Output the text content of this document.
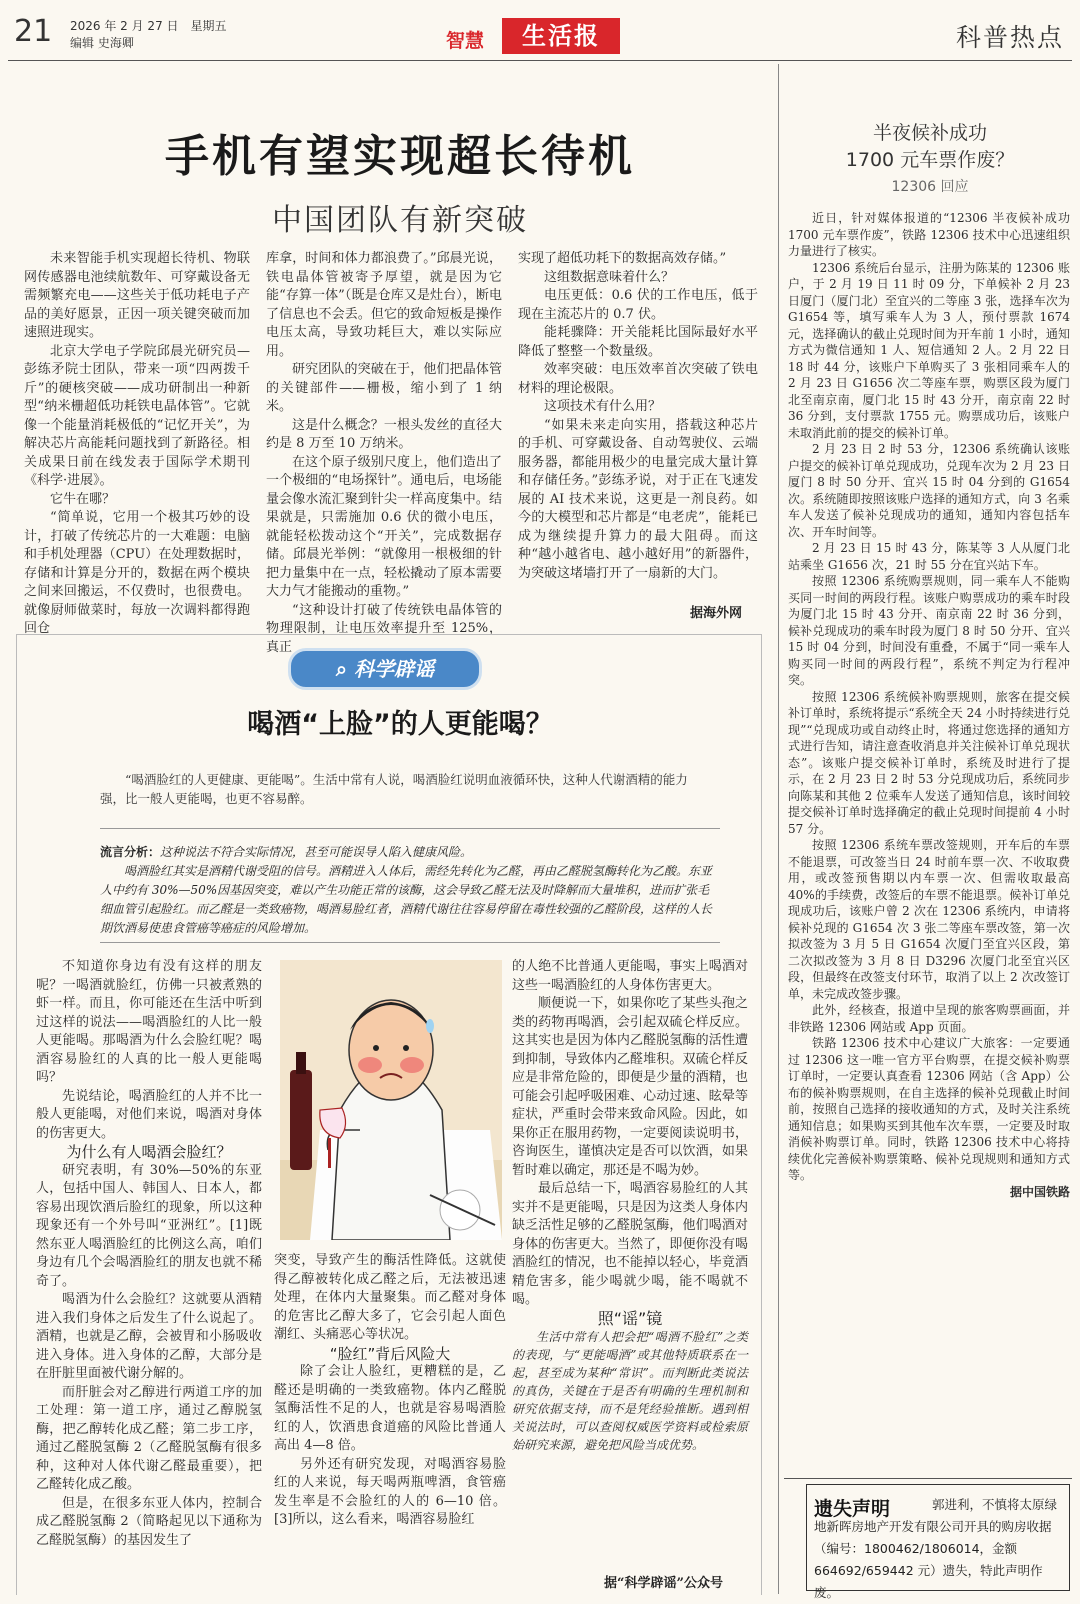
21 2026 年 2 月 27 日　星期五
编辑 史海卿	智慧	生活报	科普热点
手机有望实现超长待机
中国团队有新突破

未来智能手机实现超长待机、物联网传感器电池续航数年、可穿戴设备无需频繁充电——这些关于低功耗电子产品的美好愿景，正因一项关键突破而加速照进现实。

北京大学电子学院邱晨光研究员—彭练矛院士团队，带来一项“四两拨千斤”的硬核突破——成功研制出一种新型“纳米栅超低功耗铁电晶体管”。它就像一个能量消耗极低的“记忆开关”，为解决芯片高能耗问题找到了新路径。相关成果日前在线发表于国际学术期刊《科学·进展》。

它牛在哪？

“简单说，它用一个极其巧妙的设计，打破了传统芯片的一大难题：电脑和手机处理器（CPU）在处理数据时，存储和计算是分开的，数据在两个模块之间来回搬运，不仅费时，也很费电。就像厨师做菜时，每放一次调料都得跑回仓

库拿，时间和体力都浪费了。”邱晨光说，铁电晶体管被寄予厚望，就是因为它能“存算一体”（既是仓库又是灶台），断电了信息也不会丢。但它的致命短板是操作电压太高，导致功耗巨大，难以实际应用。

研究团队的突破在于，他们把晶体管的关键部件——栅极，缩小到了 1 纳米。

这是什么概念？一根头发丝的直径大约是 8 万至 10 万纳米。

在这个原子级别尺度上，他们造出了一个极细的“电场探针”。通电后，电场能量会像水流汇聚到针尖一样高度集中。结果就是，只需施加 0.6 伏的微小电压，就能轻松拨动这个“开关”，完成数据存储。邱晨光举例：“就像用一根极细的针把力量集中在一点，轻松撬动了原本需要大力气才能搬动的重物。”

“这种设计打破了传统铁电晶体管的物理限制，让电压效率提升至 125%，真正

实现了超低功耗下的数据高效存储。”

这组数据意味着什么？

电压更低：0.6 伏的工作电压，低于现在主流芯片的 0.7 伏。

能耗骤降：开关能耗比国际最好水平降低了整整一个数量级。

效率突破：电压效率首次突破了铁电材料的理论极限。

这项技术有什么用？

“如果未来走向实用，搭载这种芯片的手机、可穿戴设备、自动驾驶仪、云端服务器，都能用极少的电量完成大量计算和存储任务。”彭练矛说，对于正在飞速发展的 AI 技术来说，这更是一剂良药。如今的大模型和芯片都是“电老虎”，能耗已成为继续提升算力的最大阻碍。而这种“越小越省电、越小越好用”的新器件，为突破这堵墙打开了一扇新的大门。

据海外网
⌕ 科学辟谣
喝酒“上脸”的人更能喝？
“喝酒脸红的人更健康、更能喝”。生活中常有人说，喝酒脸红说明血液循环快，这种人代谢酒精的能力强，比一般人更能喝，也更不容易醉。

流言分析：这种说法不符合实际情况，甚至可能误导人陷入健康风险。

喝酒脸红其实是酒精代谢受阻的信号。酒精进入人体后，需经先转化为乙醛，再由乙醛脱氢酶转化为乙酸。东亚人中约有 30%—50%因基因突变，难以产生功能正常的该酶，这会导致乙醛无法及时降解而大量堆积，进而扩张毛细血管引起脸红。而乙醛是一类致癌物，喝酒易脸红者，酒精代谢往往容易停留在毒性较强的乙醛阶段，这样的人长期饮酒易使患食管癌等癌症的风险增加。

不知道你身边有没有这样的朋友呢？一喝酒就脸红，仿佛一只被煮熟的虾一样。而且，你可能还在生活中听到过这样的说法——喝酒脸红的人比一般人更能喝。那喝酒为什么会脸红呢？喝酒容易脸红的人真的比一般人更能喝吗？

先说结论，喝酒脸红的人并不比一般人更能喝，对他们来说，喝酒对身体的伤害更大。

为什么有人喝酒会脸红？

研究表明，有 30%—50%的东亚人，包括中国人、韩国人、日本人，都容易出现饮酒后脸红的现象，所以这种现象还有一个外号叫“亚洲红”。[1]既然东亚人喝酒脸红的比例这么高，咱们身边有几个会喝酒脸红的朋友也就不稀奇了。

喝酒为什么会脸红？这就要从酒精进入我们身体之后发生了什么说起了。酒精，也就是乙醇，会被胃和小肠吸收进入身体。进入身体的乙醇，大部分是在肝脏里面被代谢分解的。

而肝脏会对乙醇进行两道工序的加工处理：第一道工序，通过乙醇脱氢酶，把乙醇转化成乙醛；第二步工序，通过乙醛脱氢酶 2（乙醛脱氢酶有很多种，这种对人体代谢乙醛最重要），把乙醛转化成乙酸。

但是，在很多东亚人体内，控制合成乙醛脱氢酶 2（简略起见以下通称为乙醛脱氢酶）的基因发生了

突变，导致产生的酶活性降低。这就使得乙醇被转化成乙醛之后，无法被迅速处理，在体内大量聚集。而乙醛对身体的危害比乙醇大多了，它会引起人面色潮红、头痛恶心等状况。

“脸红”背后风险大

除了会让人脸红，更糟糕的是，乙醛还是明确的一类致癌物。体内乙醛脱氢酶活性不足的人，也就是容易喝酒脸红的人，饮酒患食道癌的风险比普通人高出 4—8 倍。

另外还有研究发现，对喝酒容易脸红的人来说，每天喝两瓶啤酒，食管癌发生率是不会脸红的人的 6—10 倍。[3]所以，这么看来，喝酒容易脸红

的人绝不比普通人更能喝，事实上喝酒对这些一喝酒脸红的人身体伤害更大。

顺便说一下，如果你吃了某些头孢之类的药物再喝酒，会引起双硫仑样反应。这其实也是因为体内乙醛脱氢酶的活性遭到抑制，导致体内乙醛堆积。双硫仑样反应是非常危险的，即便是少量的酒精，也可能会引起呼吸困难、心动过速、眩晕等症状，严重时会带来致命风险。因此，如果你正在服用药物，一定要阅读说明书，咨询医生，谨慎决定是否可以饮酒，如果暂时难以确定，那还是不喝为妙。

最后总结一下，喝酒容易脸红的人其实并不是更能喝，只是因为这类人身体内缺乏活性足够的乙醛脱氢酶，他们喝酒对身体的伤害更大。当然了，即便你没有喝酒脸红的情况，也不能掉以轻心，毕竟酒精危害多，能少喝就少喝，能不喝就不喝。

照“谣”镜

生活中常有人把会把“喝酒不脸红”之类的表现，与“更能喝酒”或其他特质联系在一起，甚至成为某种“常识”。而判断此类说法的真伪，关键在于是否有明确的生理机制和研究依据支持，而不是凭经验推断。遇到相关说法时，可以查阅权威医学资料或检索原始研究来源，避免把风险当成优势。

据“科学辟谣”公众号
半夜候补成功
1700 元车票作废？
12306 回应

近日，针对媒体报道的“12306 半夜候补成功 1700 元车票作废”，铁路 12306 技术中心迅速组织力量进行了核实。

12306 系统后台显示，注册为陈某的 12306 账户，于 2 月 19 日 11 时 09 分，下单候补 2 月 23 日厦门（厦门北）至宜兴的二等座 3 张，选择车次为 G1654 等，填写乘车人为 3 人，预付票款 1674 元，选择确认的截止兑现时间为开车前 1 小时，通知方式为微信通知 1 人、短信通知 2 人。2 月 22 日 18 时 44 分，该账户下单购买了 3 张相同乘车人的 2 月 23 日 G1656 次二等座车票，购票区段为厦门北至南京南，厦门北 15 时 43 分开，南京南 22 时 36 分到，支付票款 1755 元。购票成功后，该账户未取消此前的提交的候补订单。

2 月 23 日 2 时 53 分，12306 系统确认该账户提交的候补订单兑现成功，兑现车次为 2 月 23 日厦门 8 时 50 分开、宜兴 15 时 04 分到的 G1654 次。系统随即按照该账户选择的通知方式，向 3 名乘车人发送了候补兑现成功的通知，通知内容包括车次、开车时间等。

2 月 23 日 15 时 43 分，陈某等 3 人从厦门北站乘坐 G1656 次，21 时 55 分在宜兴站下车。

按照 12306 系统购票规则，同一乘车人不能购买同一时间的两段行程。该账户购票成功的乘车时段为厦门北 15 时 43 分开、南京南 22 时 36 分到，候补兑现成功的乘车时段为厦门 8 时 50 分开、宜兴 15 时 04 分到，时间没有重叠，不属于“同一乘车人购买同一时间的两段行程”，系统不判定为行程冲突。

按照 12306 系统候补购票规则，旅客在提交候补订单时，系统将提示“系统全天 24 小时持续进行兑现”“兑现成功或自动终止时，将通过您选择的通知方式进行告知，请注意查收消息并关注候补订单兑现状态”。该账户提交候补订单时，系统及时进行了提示，在 2 月 23 日 2 时 53 分兑现成功后，系统同步向陈某和其他 2 位乘车人发送了通知信息，该时间较提交候补订单时选择确定的截止兑现时间提前 4 小时 57 分。

按照 12306 系统车票改签规则，开车后的车票不能退票，可改签当日 24 时前车票一次、不收取费用，或改签预售期以内车票一次、但需收取最高 40%的手续费，改签后的车票不能退票。候补订单兑现成功后，该账户曾 2 次在 12306 系统内，申请将候补兑现的 G1654 次 3 张二等座车票改签，第一次拟改签为 3 月 5 日 G1654 次厦门至宜兴区段，第二次拟改签为 3 月 8 日 D3296 次厦门北至宜兴区段，但最终在改签支付环节，取消了以上 2 次改签订单，未完成改签步骤。

此外，经核查，报道中呈现的旅客购票画面，并非铁路 12306 网站或 App 页面。

铁路 12306 技术中心建议广大旅客：一定要通过 12306 这一唯一官方平台购票，在提交候补购票订单时，一定要认真查看 12306 网站（含 App）公布的候补购票规则，在自主选择的候补兑现截止时间前，按照自己选择的接收通知的方式，及时关注系统通知信息；如果购买到其他车次车票，一定要及时取消候补购票订单。同时，铁路 12306 技术中心将持续优化完善候补购票策略、候补兑现规则和通知方式等。

据中国铁路

遗失声明	郭进利，不慎将太原绿地新晖房地产开发有限公司开具的购房收据（编号：1800462/1806014，金额 664692/659442 元）遗失，特此声明作废。
